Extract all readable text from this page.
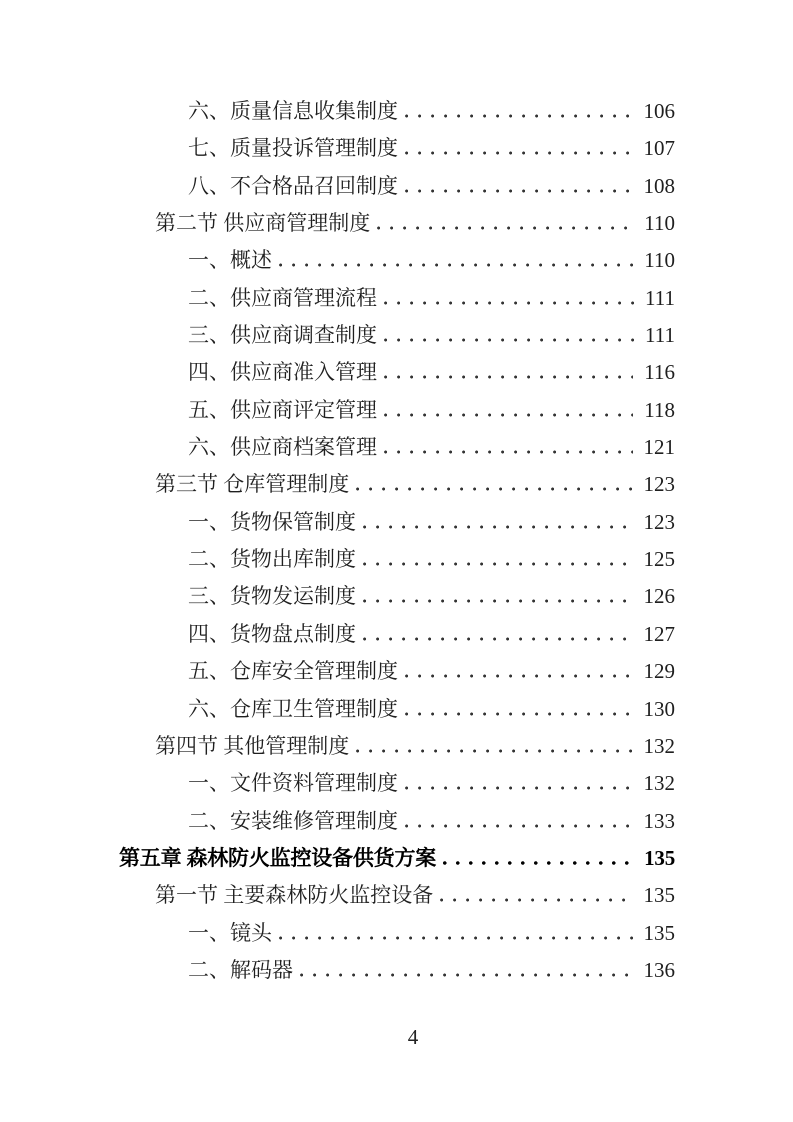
六、质量信息收集制度	106
七、质量投诉管理制度	107
八、不合格品召回制度	108
第二节 供应商管理制度	110
一、概述	110
二、供应商管理流程	111
三、供应商调查制度	111
四、供应商准入管理	116
五、供应商评定管理	118
六、供应商档案管理	121
第三节 仓库管理制度	123
一、货物保管制度	123
二、货物出库制度	125
三、货物发运制度	126
四、货物盘点制度	127
五、仓库安全管理制度	129
六、仓库卫生管理制度	130
第四节 其他管理制度	132
一、文件资料管理制度	132
二、安装维修管理制度	133
第五章 森林防火监控设备供货方案	135
第一节 主要森林防火监控设备	135
一、镜头	135
二、解码器	136
4
